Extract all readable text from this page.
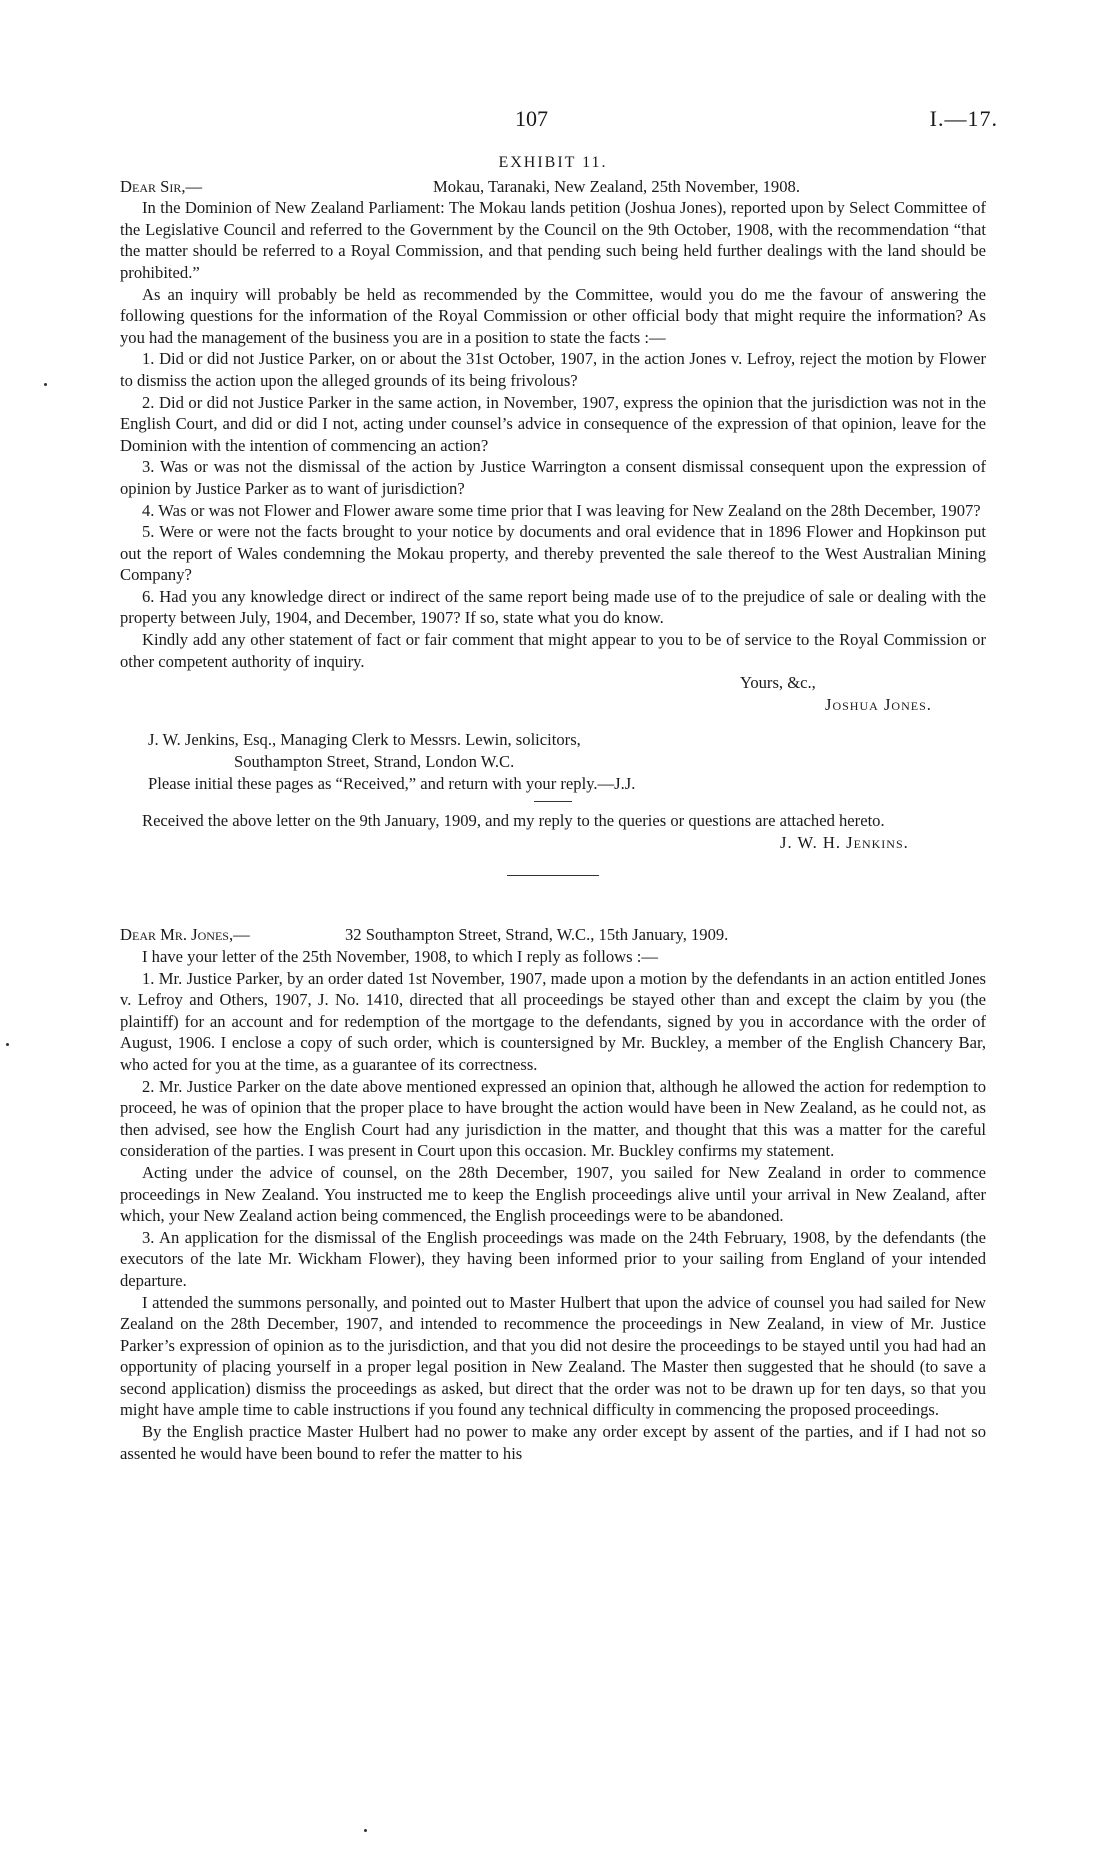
107	I.—17.

EXHIBIT 11.

Dear Sir,—	Mokau, Taranaki, New Zealand, 25th November, 1908.

In the Dominion of New Zealand Parliament: The Mokau lands petition (Joshua Jones), reported upon by Select Committee of the Legislative Council and referred to the Government by the Council on the 9th October, 1908, with the recommendation “that the matter should be referred to a Royal Commission, and that pending such being held further dealings with the land should be prohibited.”

As an inquiry will probably be held as recommended by the Committee, would you do me the favour of answering the following questions for the information of the Royal Commission or other official body that might require the information? As you had the management of the business you are in a position to state the facts :—

1. Did or did not Justice Parker, on or about the 31st October, 1907, in the action Jones v. Lefroy, reject the motion by Flower to dismiss the action upon the alleged grounds of its being frivolous?

2. Did or did not Justice Parker in the same action, in November, 1907, express the opinion that the jurisdiction was not in the English Court, and did or did I not, acting under counsel’s advice in consequence of the expression of that opinion, leave for the Dominion with the intention of commencing an action?

3. Was or was not the dismissal of the action by Justice Warrington a consent dismissal consequent upon the expression of opinion by Justice Parker as to want of jurisdiction?

4. Was or was not Flower and Flower aware some time prior that I was leaving for New Zealand on the 28th December, 1907?

5. Were or were not the facts brought to your notice by documents and oral evidence that in 1896 Flower and Hopkinson put out the report of Wales condemning the Mokau property, and thereby prevented the sale thereof to the West Australian Mining Company?

6. Had you any knowledge direct or indirect of the same report being made use of to the prejudice of sale or dealing with the property between July, 1904, and December, 1907? If so, state what you do know.

Kindly add any other statement of fact or fair comment that might appear to you to be of service to the Royal Commission or other competent authority of inquiry.

Yours, &c.,

Joshua Jones.

J. W. Jenkins, Esq., Managing Clerk to Messrs. Lewin, solicitors,

Southampton Street, Strand, London W.C.

Please initial these pages as “Received,” and return with your reply.—J.J.

Received the above letter on the 9th January, 1909, and my reply to the queries or questions are attached hereto.

J. W. H. Jenkins.

Dear Mr. Jones,—	32 Southampton Street, Strand, W.C., 15th January, 1909.

I have your letter of the 25th November, 1908, to which I reply as follows :—

1. Mr. Justice Parker, by an order dated 1st November, 1907, made upon a motion by the defendants in an action entitled Jones v. Lefroy and Others, 1907, J. No. 1410, directed that all proceedings be stayed other than and except the claim by you (the plaintiff) for an account and for redemption of the mortgage to the defendants, signed by you in accordance with the order of August, 1906. I enclose a copy of such order, which is countersigned by Mr. Buckley, a member of the English Chancery Bar, who acted for you at the time, as a guarantee of its correctness.

2. Mr. Justice Parker on the date above mentioned expressed an opinion that, although he allowed the action for redemption to proceed, he was of opinion that the proper place to have brought the action would have been in New Zealand, as he could not, as then advised, see how the English Court had any jurisdiction in the matter, and thought that this was a matter for the careful consideration of the parties. I was present in Court upon this occasion. Mr. Buckley confirms my statement.

Acting under the advice of counsel, on the 28th December, 1907, you sailed for New Zealand in order to commence proceedings in New Zealand. You instructed me to keep the English proceedings alive until your arrival in New Zealand, after which, your New Zealand action being commenced, the English proceedings were to be abandoned.

3. An application for the dismissal of the English proceedings was made on the 24th February, 1908, by the defendants (the executors of the late Mr. Wickham Flower), they having been informed prior to your sailing from England of your intended departure.

I attended the summons personally, and pointed out to Master Hulbert that upon the advice of counsel you had sailed for New Zealand on the 28th December, 1907, and intended to recommence the proceedings in New Zealand, in view of Mr. Justice Parker’s expression of opinion as to the jurisdiction, and that you did not desire the proceedings to be stayed until you had had an opportunity of placing yourself in a proper legal position in New Zealand. The Master then suggested that he should (to save a second application) dismiss the proceedings as asked, but direct that the order was not to be drawn up for ten days, so that you might have ample time to cable instructions if you found any technical difficulty in commencing the proposed proceedings.

By the English practice Master Hulbert had no power to make any order except by assent of the parties, and if I had not so assented he would have been bound to refer the matter to his
